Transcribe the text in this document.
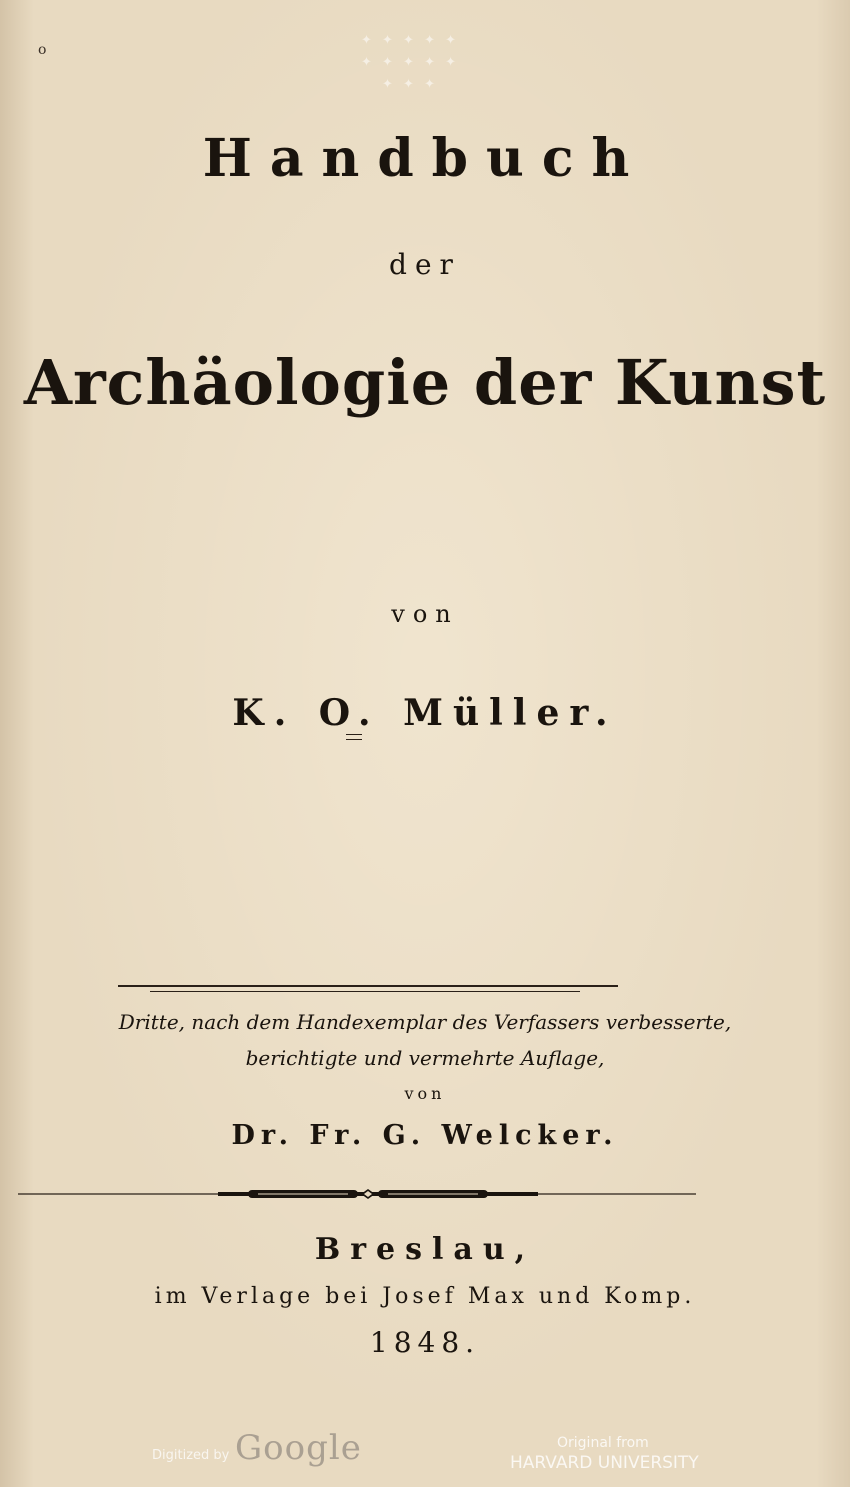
o
✦ ✦ ✦ ✦ ✦
✦ ✦ ✦ ✦ ✦
✦ ✦ ✦
Handbuch
der
Archäologie der Kunst
von
K. O. Müller.
Dritte, nach dem Handexemplar des Verfassers verbesserte,
berichtigte und vermehrte Auflage,
von
Dr. Fr. G. Welcker.
Breslau,
im Verlage bei Josef Max und Komp.
1848.
Digitized by Google	Original from
HARVARD UNIVERSITY
